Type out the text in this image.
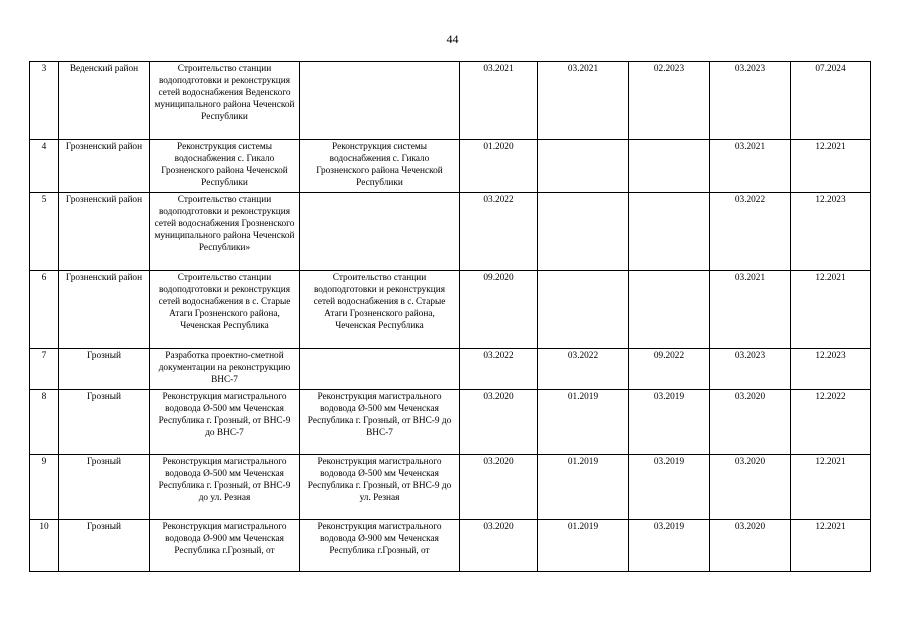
44
3	Веденский район	Строительство станции водоподготовки и реконструкция сетей водоснабжения Веденского муниципального района Чеченской Республики		03.2021	03.2021	02.2023	03.2023	07.2024
4	Грозненский район	Реконструкция системы водоснабжения с. Гикало Грозненского района Чеченской Республики	Реконструкция системы водоснабжения с. Гикало Грозненского района Чеченской Республики	01.2020			03.2021	12.2021
5	Грозненский район	Строительство станции водоподготовки и реконструкция сетей водоснабжения Грозненского муниципального района Чеченской Республики»		03.2022			03.2022	12.2023
6	Грозненский район	Строительство станции водоподготовки и реконструкция сетей водоснабжения в с. Старые Атаги Грозненского района, Чеченская Республика	Строительство станции водоподготовки и реконструкция сетей водоснабжения в с. Старые Атаги Грозненского района, Чеченская Республика	09.2020			03.2021	12.2021
7	Грозный	Разработка проектно-сметной документации на реконструкцию ВНС-7		03.2022	03.2022	09.2022	03.2023	12.2023
8	Грозный	Реконструкция магистрального водовода Ø-500 мм Чеченская Республика г. Грозный, от ВНС-9 до ВНС-7	Реконструкция магистрального водовода Ø-500 мм Чеченская Республика г. Грозный, от ВНС-9 до ВНС-7	03.2020	01.2019	03.2019	03.2020	12.2022
9	Грозный	Реконструкция магистрального водовода Ø-500 мм Чеченская Республика г. Грозный, от ВНС-9 до ул. Резная	Реконструкция магистрального водовода Ø-500 мм Чеченская Республика г. Грозный, от ВНС-9 до ул. Резная	03.2020	01.2019	03.2019	03.2020	12.2021
10	Грозный	Реконструкция магистрального водовода Ø-900 мм Чеченская Республика г.Грозный, от	Реконструкция магистрального водовода Ø-900 мм Чеченская Республика г.Грозный, от	03.2020	01.2019	03.2019	03.2020	12.2021
